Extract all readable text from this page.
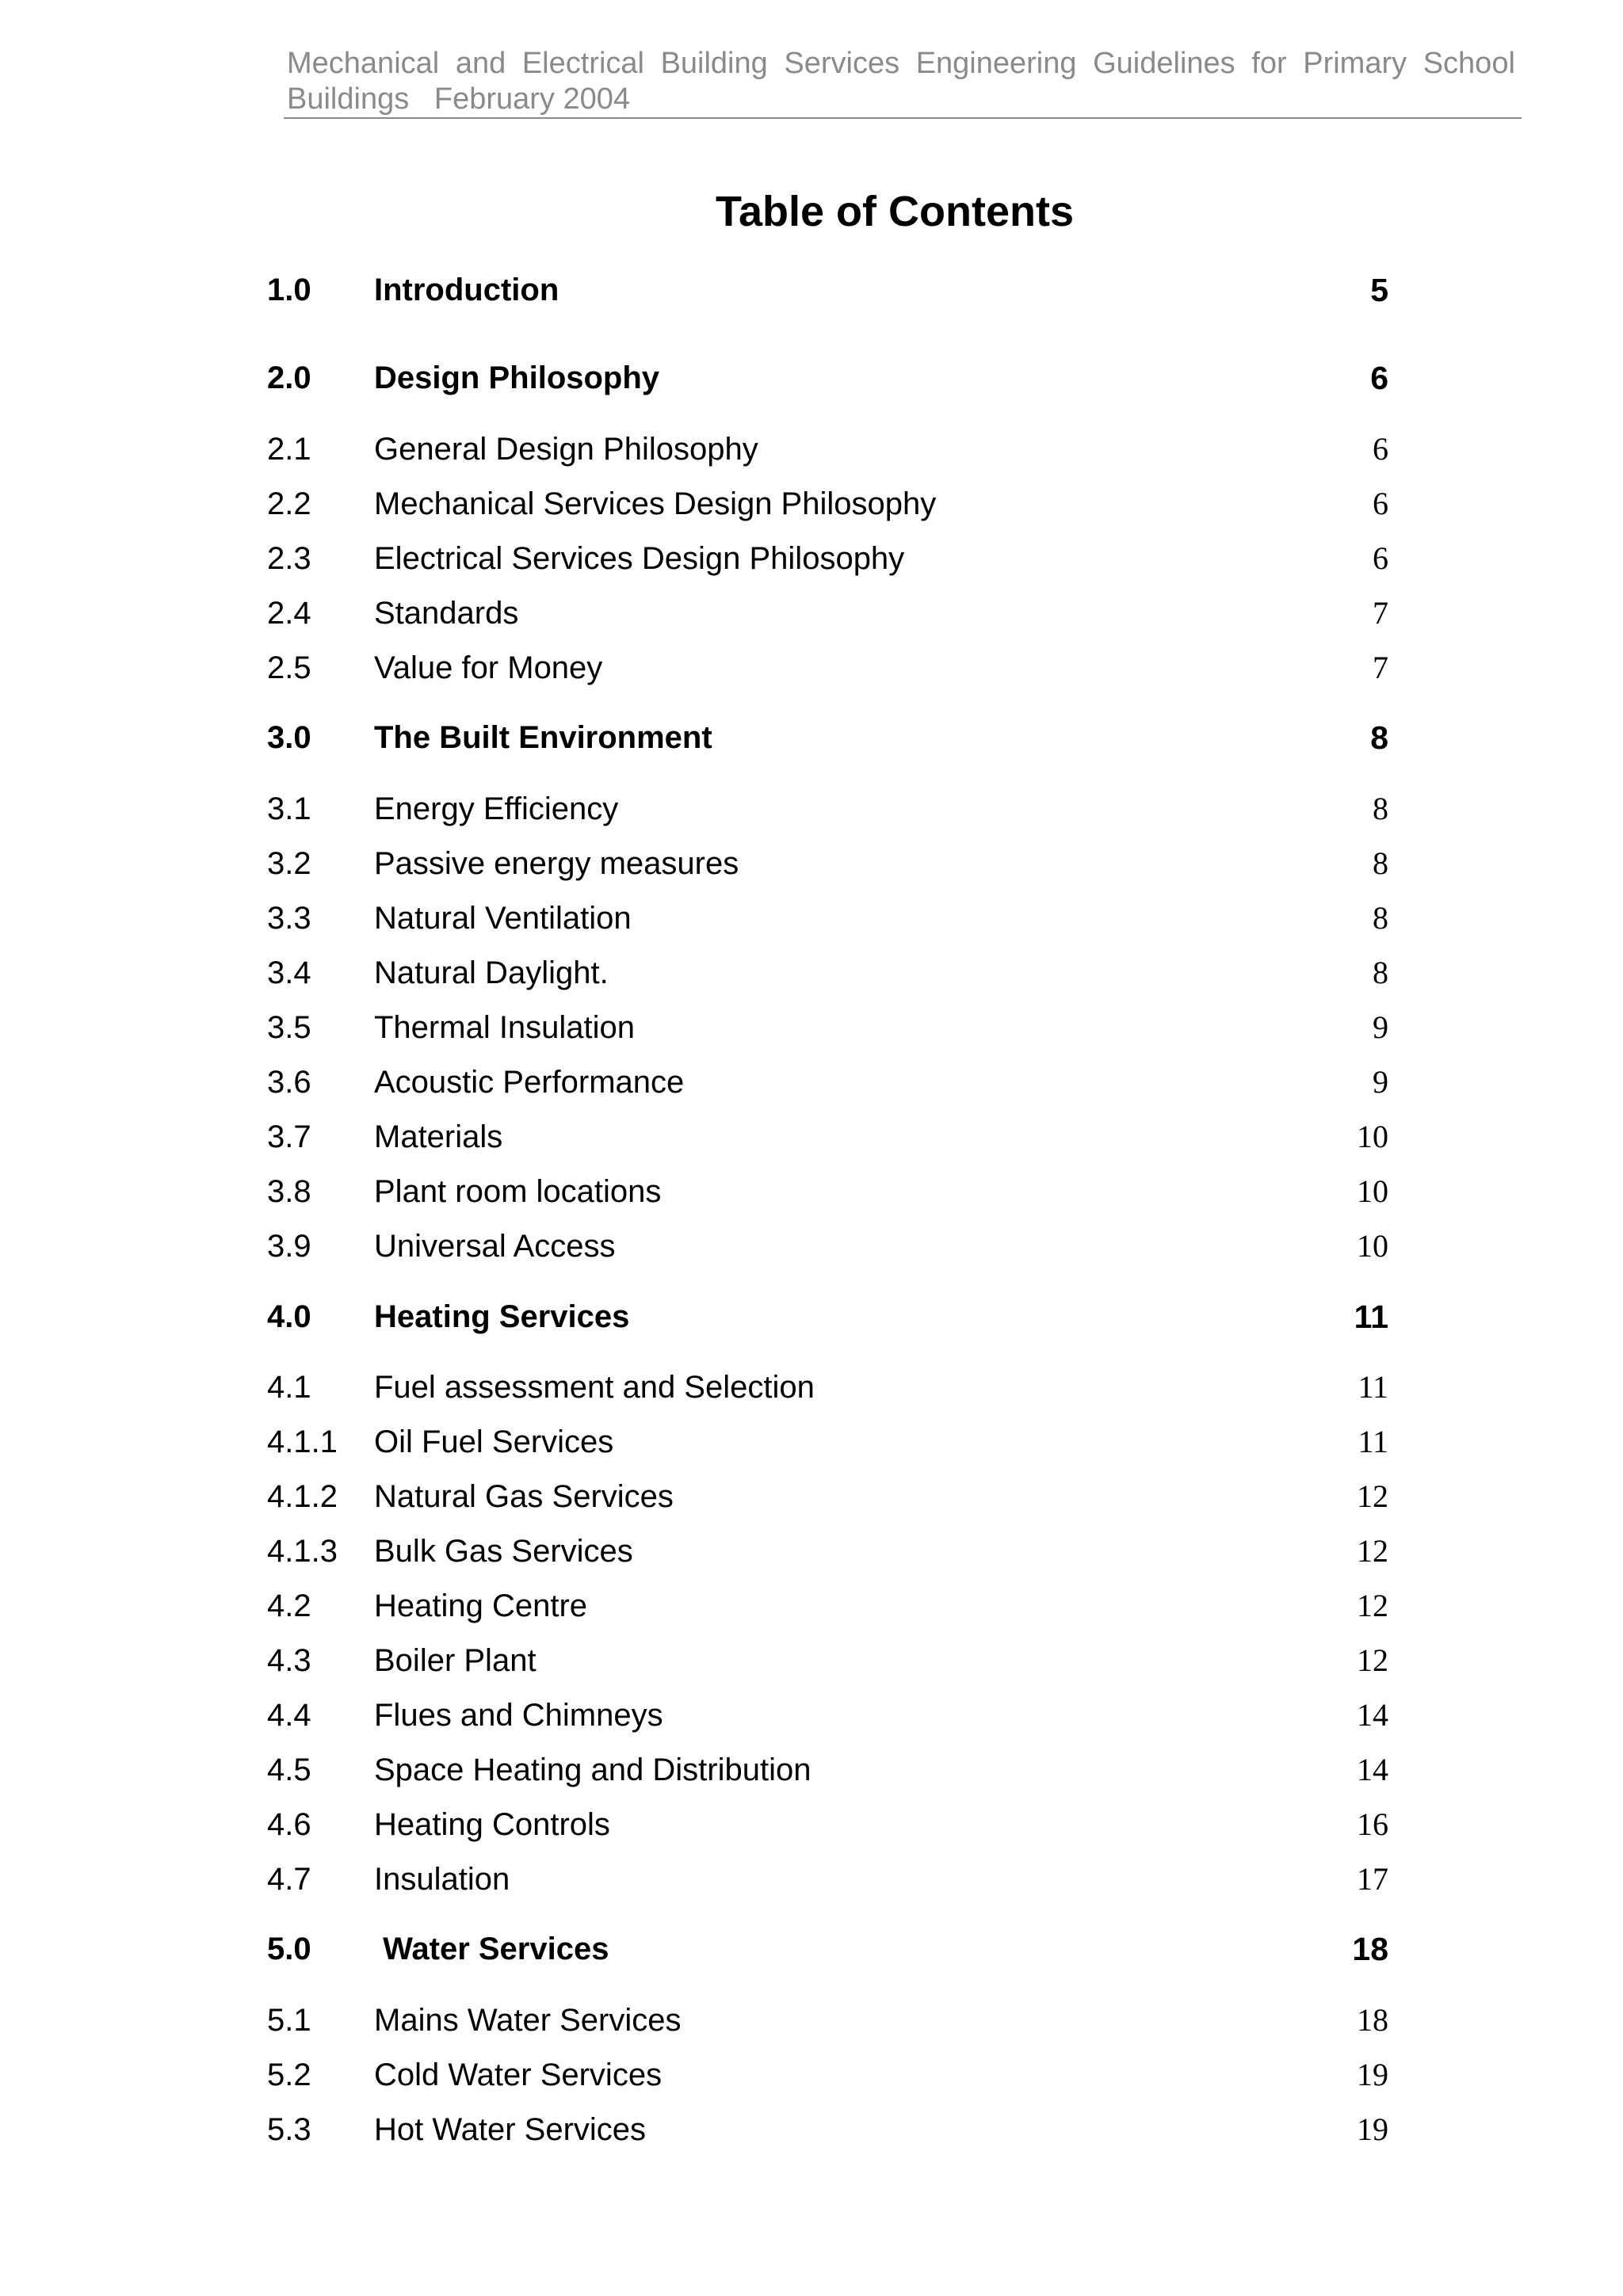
Mechanical and Electrical Building Services Engineering Guidelines for Primary School
Buildings   February 2004
Table of Contents
1.0 Introduction	5
2.0 Design Philosophy	6
2.1 General Design Philosophy	6
2.2 Mechanical Services Design Philosophy	6
2.3 Electrical Services Design Philosophy	6
2.4 Standards	7
2.5 Value for Money	7
3.0 The Built Environment	8
3.1 Energy Efficiency	8
3.2 Passive energy measures	8
3.3 Natural Ventilation	8
3.4 Natural Daylight.	8
3.5 Thermal Insulation	9
3.6 Acoustic Performance	9
3.7 Materials	10
3.8 Plant room locations	10
3.9 Universal Access	10
4.0 Heating Services	11
4.1 Fuel assessment and Selection	11
4.1.1 Oil Fuel Services	11
4.1.2 Natural Gas Services	12
4.1.3 Bulk Gas Services	12
4.2 Heating Centre	12
4.3 Boiler Plant	12
4.4 Flues and Chimneys	14
4.5 Space Heating and Distribution	14
4.6 Heating Controls	16
4.7 Insulation	17
5.0 Water Services	18
5.1 Mains Water Services	18
5.2 Cold Water Services	19
5.3 Hot Water Services	19
